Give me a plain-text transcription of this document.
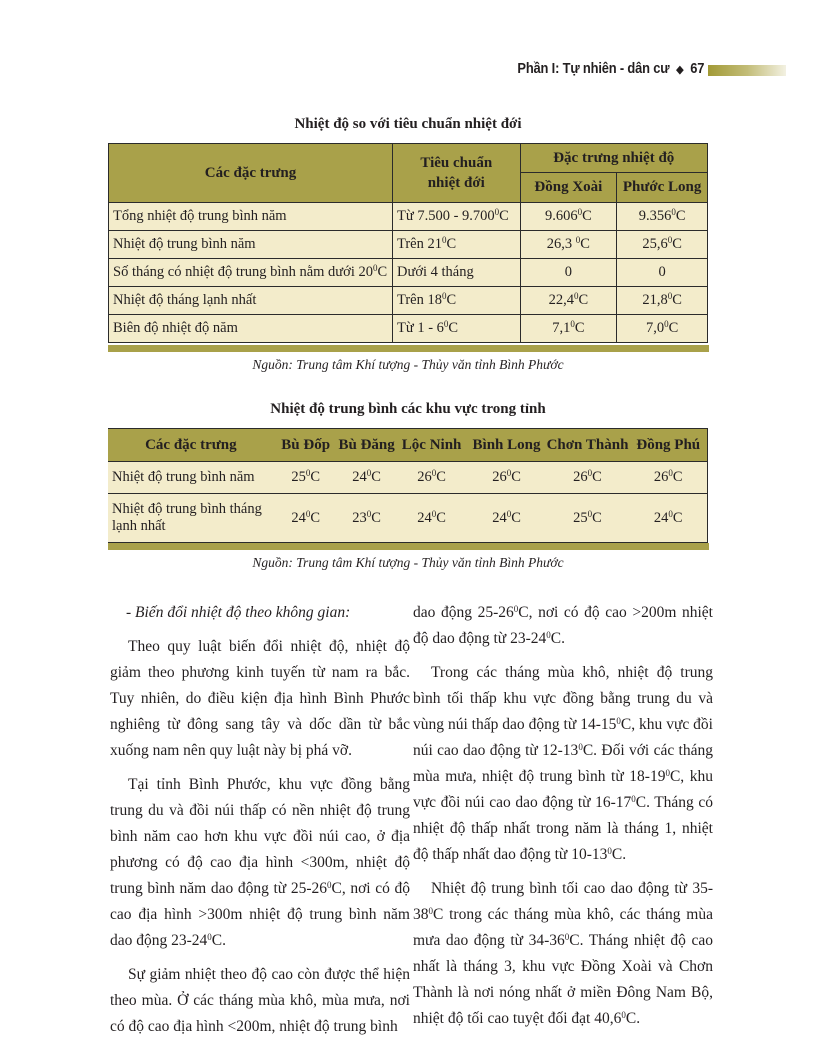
Phần I: Tự nhiên - dân cư ◆ 67
Nhiệt độ so với tiêu chuẩn nhiệt đới
Các đặc trưng	Tiêu chuẩn nhiệt đới	Đặc trưng nhiệt độ	
		Đồng Xoài	Phước Long
Tổng nhiệt độ trung bình năm	Từ 7.500 - 9.700$^0$C	9.606$^0$C	9.356$^0$C
Nhiệt độ trung bình năm	Trên $21^0C$	26,3 $^0$C	25,6$^0$C
Số tháng có nhiệt độ trung bình nằm dưới $20^0C$	Dưới 4 tháng	0	0
Nhiệt độ tháng lạnh nhất	Trên $18^0C$	22,4$^0$C	21,8$^0$C
Biên độ nhiệt độ năm	Từ $1 - 6^0C$	$7,1^0C$	$7,0^0C$
Nguồn: Trung tâm Khí tượng - Thủy văn tỉnh Bình Phước
Nhiệt độ trung bình các khu vực trong tỉnh
Các đặc trưng	Bù Đốp	Bù Đăng	Lộc Ninh	Bình Long	Chơn Thành	Đồng Phú
Nhiệt độ trung bình năm	$25^0C$	$24^0C$	$26^0C$	$26^0C$	$26^0C$	$26^0C$
Nhiệt độ trung bình tháng lạnh nhất	$24^0C$	$23^0C$	$24^0C$	$24^0C$	$25^0C$	$24^0C$
Nguồn: Trung tâm Khí tượng - Thủy văn tỉnh Bình Phước

- Biến đổi nhiệt độ theo không gian:

Theo quy luật biến đổi nhiệt độ, nhiệt độ giảm theo phương kinh tuyến từ nam ra bắc. Tuy nhiên, do điều kiện địa hình Bình Phước nghiêng từ đông sang tây và dốc dần từ bắc xuống nam nên quy luật này bị phá vỡ.

Tại tỉnh Bình Phước, khu vực đồng bằng trung du và đồi núi thấp có nền nhiệt độ trung bình năm cao hơn khu vực đồi núi cao, ở địa phương có độ cao địa hình <300m, nhiệt độ trung bình năm dao động từ $25-26^0C$, nơi có độ cao địa hình >300m nhiệt độ trung bình năm dao động $23-24^0C$.

Sự giảm nhiệt theo độ cao còn được thể hiện theo mùa. Ở các tháng mùa khô, mùa mưa, nơi có độ cao địa hình <200m, nhiệt độ trung bình

dao động $25-26^0C$, nơi có độ cao >200m nhiệt độ dao động từ $23-24^0C$.

Trong các tháng mùa khô, nhiệt độ trung bình tối thấp khu vực đồng bằng trung du và vùng núi thấp dao động từ $14-15^0C$, khu vực đồi núi cao dao động từ $12-13^0C$. Đối với các tháng mùa mưa, nhiệt độ trung bình từ $18-19^0C$, khu vực đồi núi cao dao động từ $16-17^0C$. Tháng có nhiệt độ thấp nhất trong năm là tháng 1, nhiệt độ thấp nhất dao động từ $10-13^0C$.

Nhiệt độ trung bình tối cao dao động từ $35-38^0C$ trong các tháng mùa khô, các tháng mùa mưa dao động từ $34-36^0C$. Tháng nhiệt độ cao nhất là tháng 3, khu vực Đồng Xoài và Chơn Thành là nơi nóng nhất ở miền Đông Nam Bộ, nhiệt độ tối cao tuyệt đối đạt 40,6$^0$C.
